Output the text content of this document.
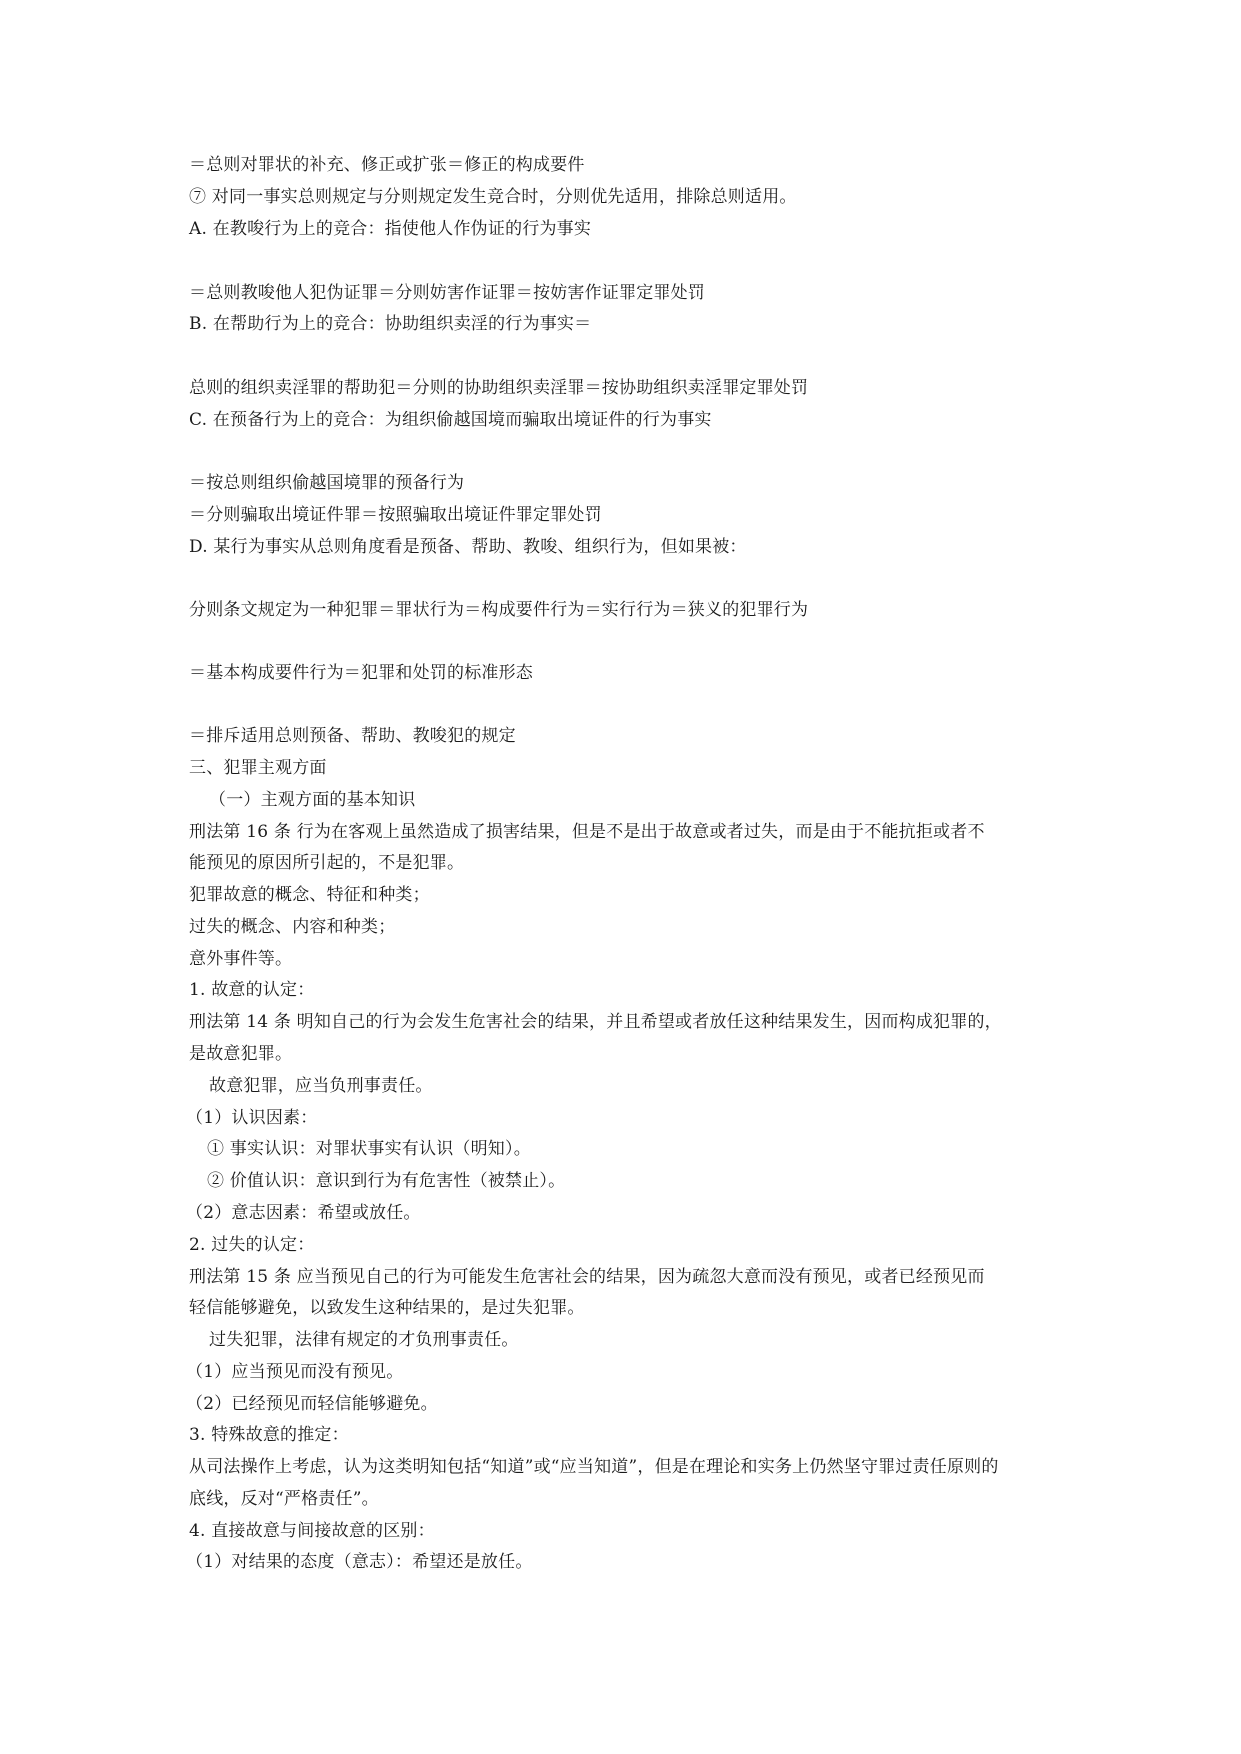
＝总则对罪状的补充、修正或扩张＝修正的构成要件
⑦ 对同一事实总则规定与分则规定发生竞合时，分则优先适用，排除总则适用。
A. 在教唆行为上的竞合：指使他人作伪证的行为事实
＝总则教唆他人犯伪证罪＝分则妨害作证罪＝按妨害作证罪定罪处罚
B. 在帮助行为上的竞合：协助组织卖淫的行为事实＝
总则的组织卖淫罪的帮助犯＝分则的协助组织卖淫罪＝按协助组织卖淫罪定罪处罚
C. 在预备行为上的竞合：为组织偷越国境而骗取出境证件的行为事实
＝按总则组织偷越国境罪的预备行为
＝分则骗取出境证件罪＝按照骗取出境证件罪定罪处罚
D. 某行为事实从总则角度看是预备、帮助、教唆、组织行为，但如果被：
分则条文规定为一种犯罪＝罪状行为＝构成要件行为＝实行行为＝狭义的犯罪行为
＝基本构成要件行为＝犯罪和处罚的标准形态
＝排斥适用总则预备、帮助、教唆犯的规定
三、犯罪主观方面
（一）主观方面的基本知识
刑法第 16 条 行为在客观上虽然造成了损害结果，但是不是出于故意或者过失，而是由于不能抗拒或者不
能预见的原因所引起的，不是犯罪。
犯罪故意的概念、特征和种类；
过失的概念、内容和种类；
意外事件等。
1. 故意的认定：
刑法第 14 条 明知自己的行为会发生危害社会的结果，并且希望或者放任这种结果发生，因而构成犯罪的，
是故意犯罪。
故意犯罪，应当负刑事责任。
（1）认识因素：
① 事实认识：对罪状事实有认识（明知）。
② 价值认识：意识到行为有危害性（被禁止）。
（2）意志因素：希望或放任。
2. 过失的认定：
刑法第 15 条 应当预见自己的行为可能发生危害社会的结果，因为疏忽大意而没有预见，或者已经预见而
轻信能够避免，以致发生这种结果的，是过失犯罪。
过失犯罪，法律有规定的才负刑事责任。
（1）应当预见而没有预见。
（2）已经预见而轻信能够避免。
3. 特殊故意的推定：
从司法操作上考虑，认为这类明知包括“知道”或“应当知道”，但是在理论和实务上仍然坚守罪过责任原则的
底线，反对“严格责任”。
4. 直接故意与间接故意的区别：
（1）对结果的态度（意志）：希望还是放任。
